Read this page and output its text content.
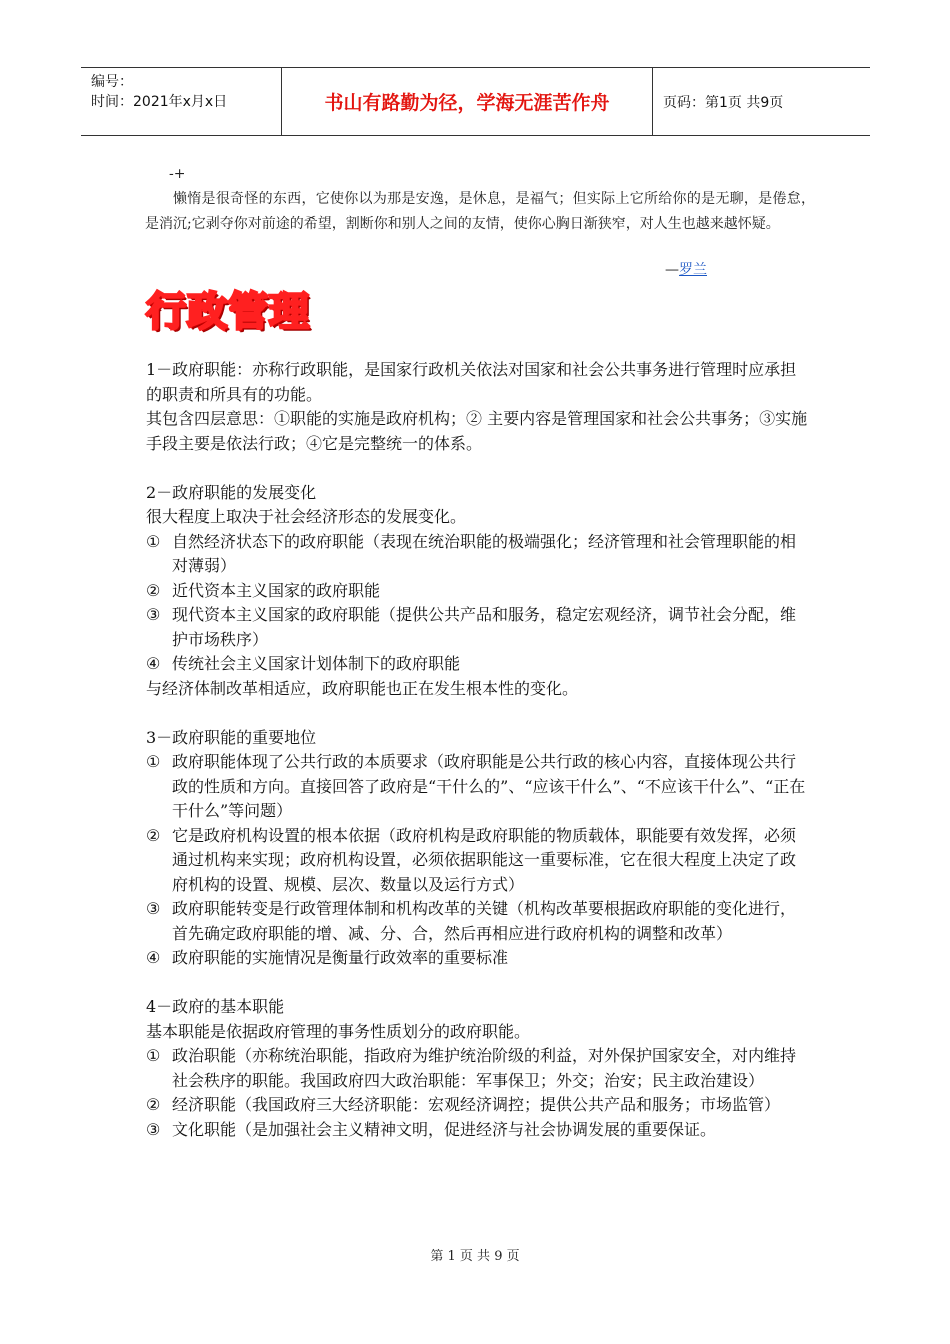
编号：
时间：2021年x月x日	书山有路勤为径，学海无涯苦作舟	页码：第1页 共9页
-+
懒惰是很奇怪的东西，它使你以为那是安逸，是休息，是福气；但实际上它所给你的是无聊，是倦怠，是消沉;它剥夺你对前途的希望，割断你和别人之间的友情，使你心胸日渐狭窄，对人生也越来越怀疑。
—罗兰
行政管理

1－政府职能：亦称行政职能，是国家行政机关依法对国家和社会公共事务进行管理时应承担的职责和所具有的功能。

其包含四层意思：①职能的实施是政府机构；② 主要内容是管理国家和社会公共事务；③实施手段主要是依法行政；④它是完整统一的体系。

2－政府职能的发展变化

很大程度上取决于社会经济形态的发展变化。

① 自然经济状态下的政府职能（表现在统治职能的极端强化；经济管理和社会管理职能的相对薄弱）
② 近代资本主义国家的政府职能
③ 现代资本主义国家的政府职能（提供公共产品和服务，稳定宏观经济，调节社会分配，维护市场秩序）
④ 传统社会主义国家计划体制下的政府职能

与经济体制改革相适应，政府职能也正在发生根本性的变化。

3－政府职能的重要地位

① 政府职能体现了公共行政的本质要求（政府职能是公共行政的核心内容，直接体现公共行政的性质和方向。直接回答了政府是“干什么的”、“应该干什么”、“不应该干什么”、“正在干什么”等问题）
② 它是政府机构设置的根本依据（政府机构是政府职能的物质载体，职能要有效发挥，必须通过机构来实现；政府机构设置，必须依据职能这一重要标准，它在很大程度上决定了政府机构的设置、规模、层次、数量以及运行方式）
③ 政府职能转变是行政管理体制和机构改革的关键（机构改革要根据政府职能的变化进行，首先确定政府职能的增、减、分、合，然后再相应进行政府机构的调整和改革）
④ 政府职能的实施情况是衡量行政效率的重要标准

4－政府的基本职能

基本职能是依据政府管理的事务性质划分的政府职能。

① 政治职能（亦称统治职能，指政府为维护统治阶级的利益，对外保护国家安全，对内维持社会秩序的职能。我国政府四大政治职能：军事保卫；外交；治安；民主政治建设）
② 经济职能（我国政府三大经济职能：宏观经济调控；提供公共产品和服务；市场监管）
③ 文化职能（是加强社会主义精神文明，促进经济与社会协调发展的重要保证。
第 1 页 共 9 页
